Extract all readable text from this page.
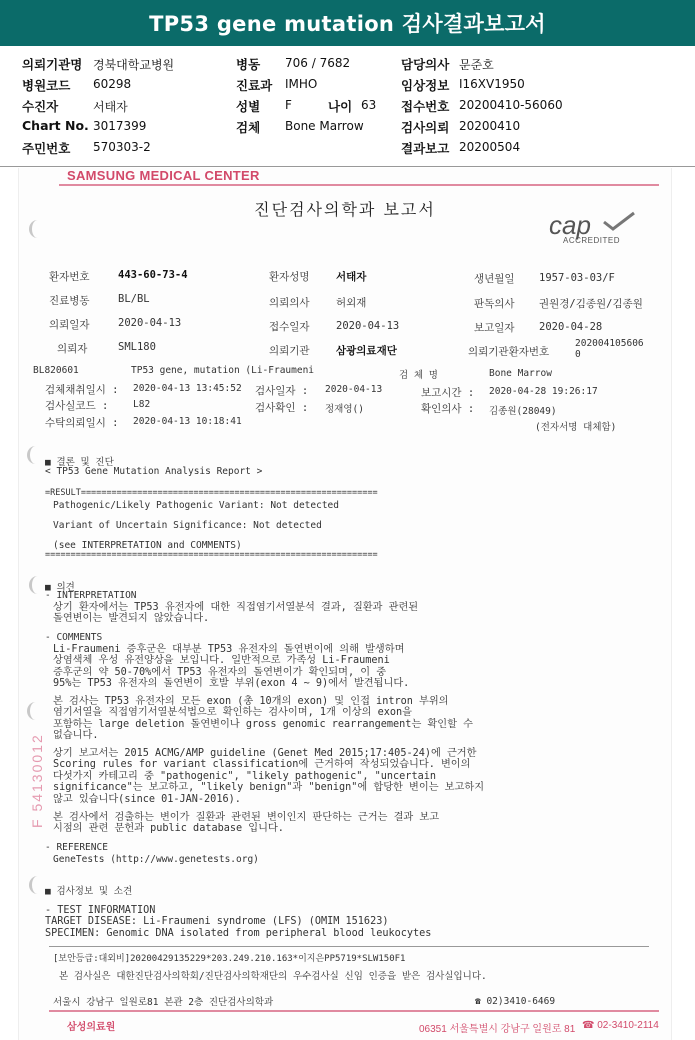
TP53 gene mutation 검사결과보고서
의뢰기관명 경북대학교병원
병원코드 60298
수진자	서태자
Chart No. 3017399
주민번호 570303-2
병동 706 / 7682
진료과 IMHO
성별 F	나이 63
검체 Bone Marrow
담당의사 문준호
임상정보 I16XV1950
접수번호 20200410-56060
검사의뢰 20200410
결과보고 20200504
SAMSUNG MEDICAL CENTER
진단검사의학과 보고서
cap
ACCREDITED
환자번호	443-60-73-4	환자성명	서태자	생년월일 1957-03-03/F
진료병동	BL/BL	의뢰의사	허외재	판독의사 권원경/김종원/김종원
의뢰일자	2020-04-13	접수일자	2020-04-13	보고일자 2020-04-28
의뢰자	SML180	의뢰기관	삼광의료재단	의뢰기관환자번호
202004105606
0
BL820601	TP53 gene, mutation (Li-Fraumeni	검 체 명	Bone Marrow
검체채취일시 : 2020-04-13 13:45:52 검사일자 : 2020-04-13	보고시간 : 2020-04-28 19:26:17
검사실코드 :	L82	검사확인 : 정재영()	확인의사 : 김종원(28049)
수탁의뢰일시 : 2020-04-13 10:18:41
(전자서명 대체함)
■ 결론 및 진단
< TP53 Gene Mutation Analysis Report >
=RESULT==========================================================
Pathogenic/Likely Pathogenic Variant: Not detected
Variant of Uncertain Significance: Not detected
(see INTERPRETATION and COMMENTS)
=================================================================
■ 의견
- INTERPRETATION
상기 환자에서는 TP53 유전자에 대한 직접염기서열분석 결과, 질환과 관련된
돌연변이는 발견되지 않았습니다.
- COMMENTS
Li-Fraumeni 증후군은 대부분 TP53 유전자의 돌연변이에 의해 발생하며
상염색체 우성 유전양상을 보입니다. 일반적으로 가족성 Li-Fraumeni
증후군의 약 50-70%에서 TP53 유전자의 돌연변이가 확인되며, 이 중
95%는 TP53 유전자의 돌연변이 호발 부위(exon 4 ~ 9)에서 발견됩니다.
본 검사는 TP53 유전자의 모든 exon (총 10개의 exon) 및 인접 intron 부위의
염기서열을 직접염기서열분석법으로 확인하는 검사이며, 1개 이상의 exon을
포함하는 large deletion 돌연변이나 gross genomic rearrangement는 확인할 수
없습니다.
상기 보고서는 2015 ACMG/AMP guideline (Genet Med 2015;17:405-24)에 근거한
Scoring rules for variant classification에 근거하여 작성되었습니다. 변이의
다섯가지 카테고리 중 "pathogenic", "likely pathogenic", "uncertain
significance"는 보고하고, "likely benign"과 "benign"에 합당한 변이는 보고하지
않고 있습니다(since 01-JAN-2016).
본 검사에서 검출하는 변이가 질환과 관련된 변이인지 판단하는 근거는 결과 보고
시점의 관련 문헌과 public database 입니다.
- REFERENCE
GeneTests (http://www.genetests.org)
■ 검사정보 및 소견
- TEST INFORMATION
TARGET DISEASE: Li-Fraumeni syndrome (LFS) (OMIM 151623)
SPECIMEN: Genomic DNA isolated from peripheral blood leukocytes
F 54130012
[보안등급:대외비]20200429135229*203.249.210.163*이지은PP5719*SLW150F1
본 검사실은 대한진단검사의학회/진단검사의학재단의 우수검사실 신임 인증을 받은 검사실입니다.
서울시 강남구 일원로81 본관 2층 진단검사의학과	☎ 02)3410-6469
삼성의료원	06351 서울특별시 강남구 일원로 81 ☎ 02-3410-2114
